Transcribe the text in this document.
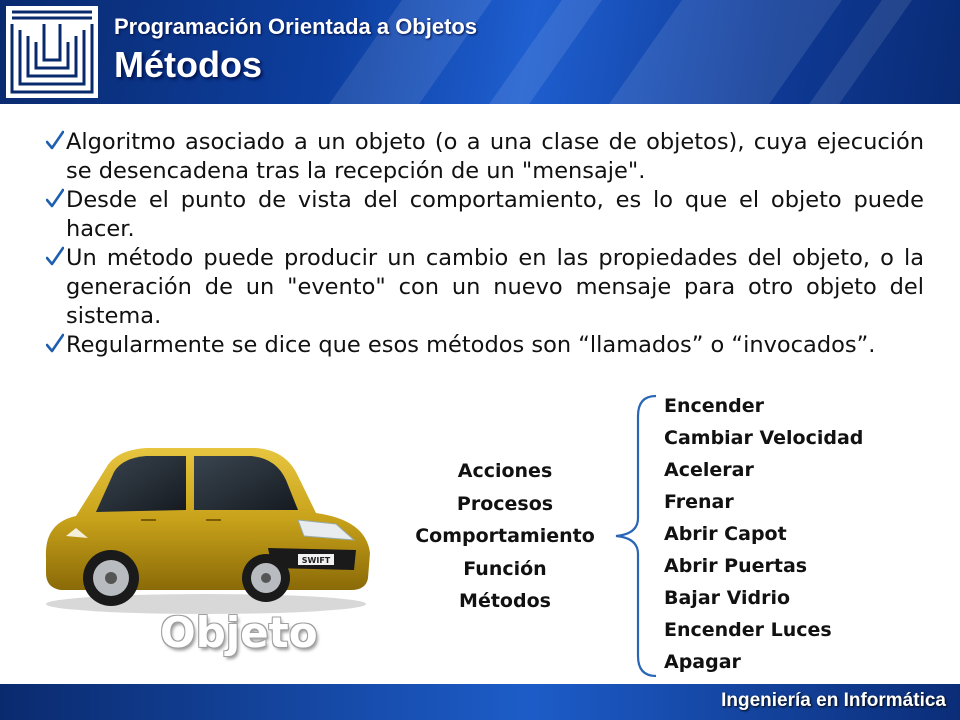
Programación Orientada a Objetos
Métodos
Algoritmo asociado a un objeto (o a una clase de objetos), cuya ejecución se desencadena tras la recepción de un "mensaje".
Desde el punto de vista del comportamiento, es lo que el objeto puede hacer.
Un método puede producir un cambio en las propiedades del objeto, o la generación de un "evento" con un nuevo mensaje para otro objeto del sistema.
Regularmente se dice que esos métodos son “llamados” o “invocados”.
SWIFT
Objeto
Acciones
Procesos
Comportamiento
Función
Métodos
Encender
Cambiar Velocidad
Acelerar
Frenar
Abrir Capot
Abrir Puertas
Bajar Vidrio
Encender Luces
Apagar
Ingeniería en Informática
